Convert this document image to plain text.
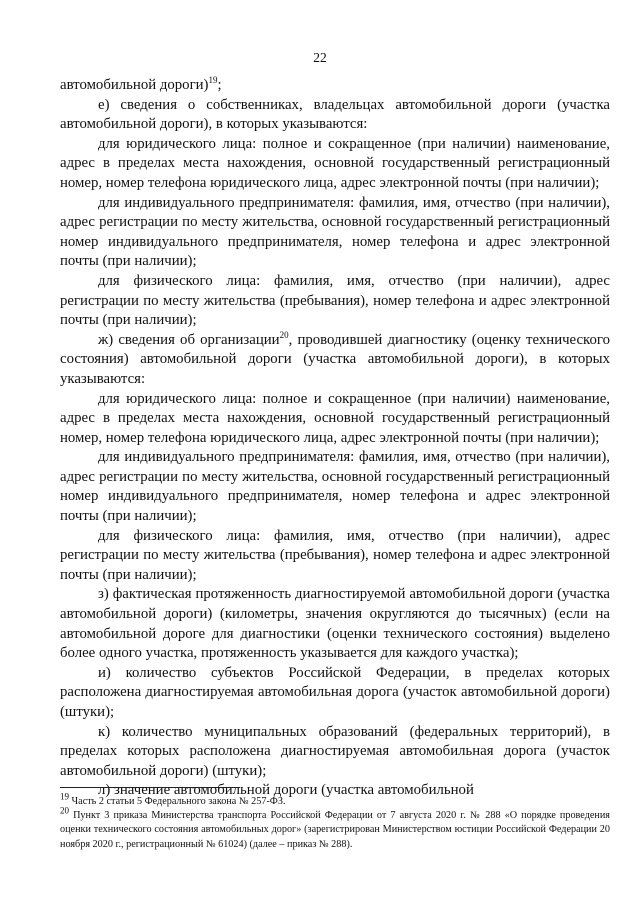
22

автомобильной дороги)$^{19}$;

е) сведения о собственниках, владельцах автомобильной дороги (участка автомобильной дороги), в которых указываются:

для юридического лица: полное и сокращенное (при наличии) наименование, адрес в пределах места нахождения, основной государственный регистрационный номер, номер телефона юридического лица, адрес электронной почты (при наличии);

для индивидуального предпринимателя: фамилия, имя, отчество (при наличии), адрес регистрации по месту жительства, основной государственный регистрационный номер индивидуального предпринимателя, номер телефона и адрес электронной почты (при наличии);

для физического лица: фамилия, имя, отчество (при наличии), адрес регистрации по месту жительства (пребывания), номер телефона и адрес электронной почты (при наличии);

ж) сведения об организации$^{20}$, проводившей диагностику (оценку технического состояния) автомобильной дороги (участка автомобильной дороги), в которых указываются:

для юридического лица: полное и сокращенное (при наличии) наименование, адрес в пределах места нахождения, основной государственный регистрационный номер, номер телефона юридического лица, адрес электронной почты (при наличии);

для индивидуального предпринимателя: фамилия, имя, отчество (при наличии), адрес регистрации по месту жительства, основной государственный регистрационный номер индивидуального предпринимателя, номер телефона и адрес электронной почты (при наличии);

для физического лица: фамилия, имя, отчество (при наличии), адрес регистрации по месту жительства (пребывания), номер телефона и адрес электронной почты (при наличии);

з) фактическая протяженность диагностируемой автомобильной дороги (участка автомобильной дороги) (километры, значения округляются до тысячных) (если на автомобильной дороге для диагностики (оценки технического состояния) выделено более одного участка, протяженность указывается для каждого участка);

и) количество субъектов Российской Федерации, в пределах которых расположена диагностируемая автомобильная дорога (участок автомобильной дороги) (штуки);

к) количество муниципальных образований (федеральных территорий), в пределах которых расположена диагностируемая автомобильная дорога (участок автомобильной дороги) (штуки);

л) значение автомобильной дороги (участка автомобильной

$^{19}$ Часть 2 статьи 5 Федерального закона № 257-ФЗ.

$^{20}$ Пункт 3 приказа Министерства транспорта Российской Федерации от 7 августа 2020 г. № 288 «О порядке проведения оценки технического состояния автомобильных дорог» (зарегистрирован Министерством юстиции Российской Федерации 20 ноября 2020 г., регистрационный № 61024) (далее – приказ № 288).
